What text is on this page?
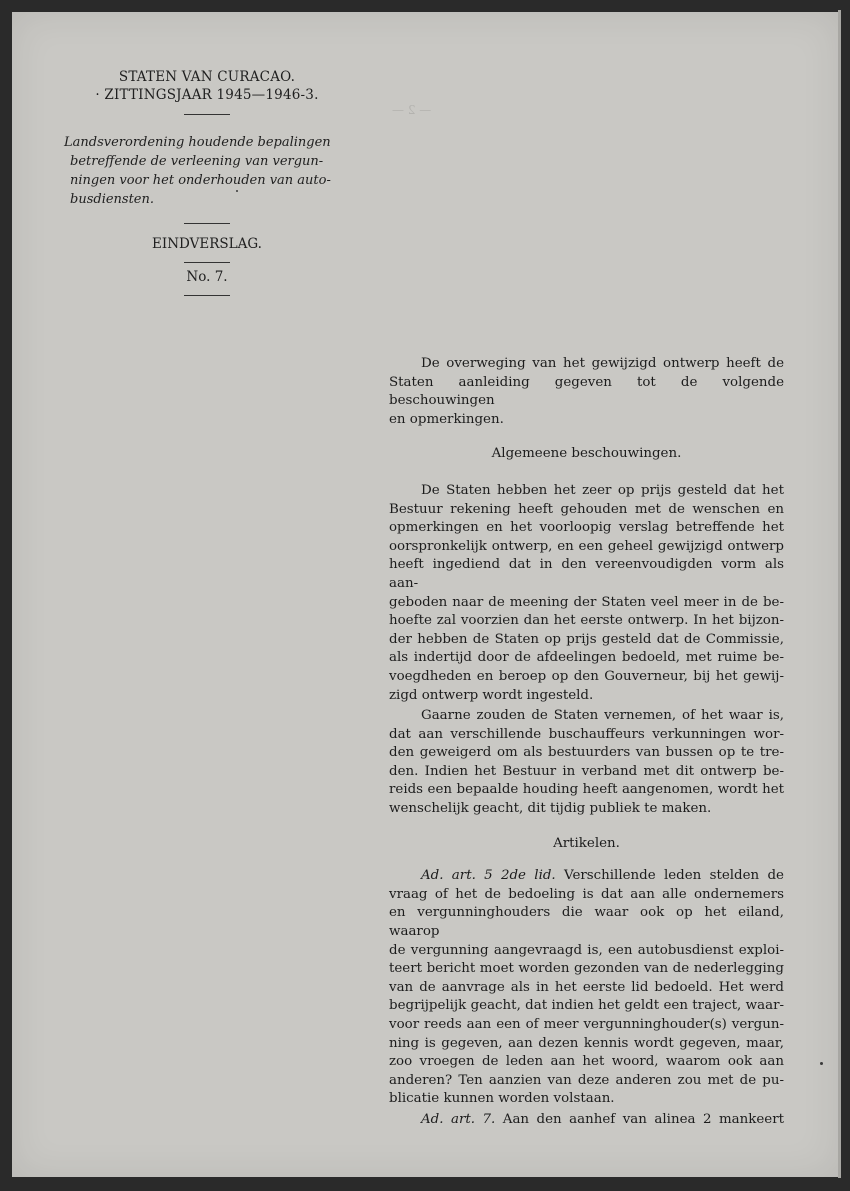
— 2 —
STATEN VAN CURACAO.
· ZITTINGSJAAR 1945—1946-3.
Landsverordening houdende bepalingen
betreffende de verleening van vergun-
ningen voor het onderhouden van auto-
busdiensten.
EINDVERSLAG.
No. 7.

De overweging van het gewijzigd ontwerp heeft de
Staten aanleiding gegeven tot de volgende beschouwingen
en opmerkingen.

Algemeene beschouwingen.

De Staten hebben het zeer op prijs gesteld dat het
Bestuur rekening heeft gehouden met de wenschen en
opmerkingen en het voorloopig verslag betreffende het
oorspronkelijk ontwerp, en een geheel gewijzigd ontwerp
heeft ingediend dat in den vereenvoudigden vorm als aan-
geboden naar de meening der Staten veel meer in de be-
hoefte zal voorzien dan het eerste ontwerp. In het bijzon-
der hebben de Staten op prijs gesteld dat de Commissie,
als indertijd door de afdeelingen bedoeld, met ruime be-
voegdheden en beroep op den Gouverneur, bij het gewij-
zigd ontwerp wordt ingesteld.

Gaarne zouden de Staten vernemen, of het waar is,
dat aan verschillende buschauffeurs verkunningen wor-
den geweigerd om als bestuurders van bussen op te tre-
den. Indien het Bestuur in verband met dit ontwerp be-
reids een bepaalde houding heeft aangenomen, wordt het
wenschelijk geacht, dit tijdig publiek te maken.

Artikelen.

Ad. art. 5 2de lid. Verschillende leden stelden de
vraag of het de bedoeling is dat aan alle ondernemers
en vergunninghouders die waar ook op het eiland, waarop
de vergunning aangevraagd is, een autobusdienst exploi-
teert bericht moet worden gezonden van de nederlegging
van de aanvrage als in het eerste lid bedoeld. Het werd
begrijpelijk geacht, dat indien het geldt een traject, waar-
voor reeds aan een of meer vergunninghouder(s) vergun-
ning is gegeven, aan dezen kennis wordt gegeven, maar,
zoo vroegen de leden aan het woord, waarom ook aan
anderen? Ten aanzien van deze anderen zou met de pu-
blicatie kunnen worden volstaan.

Ad. art. 7. Aan den aanhef van alinea 2 mankeert
